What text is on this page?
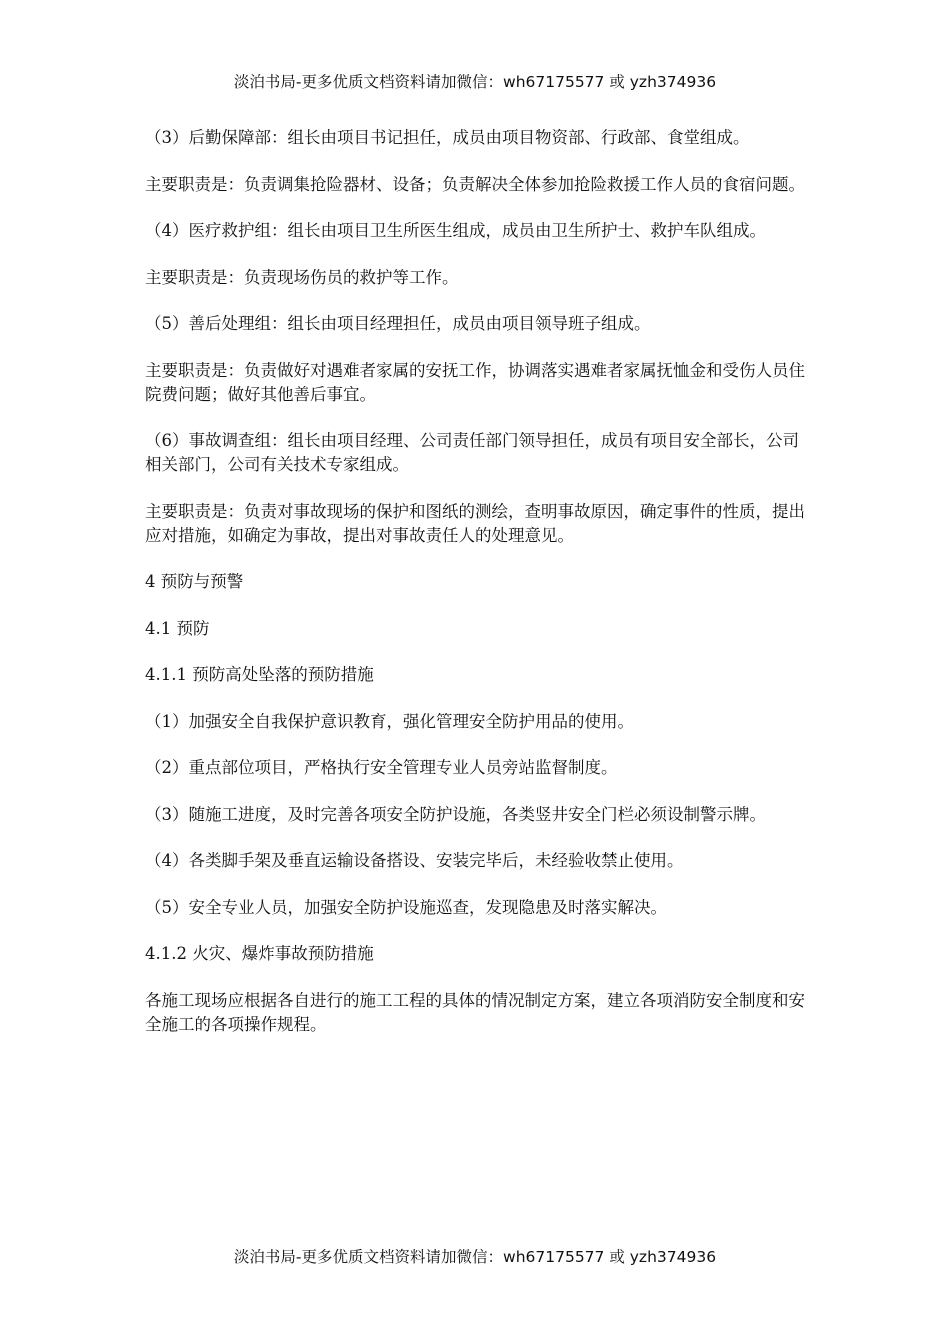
淡泊书局-更多优质文档资料请加微信：wh67175577 或 yzh374936

（3）后勤保障部：组长由项目书记担任，成员由项目物资部、行政部、食堂组成。

主要职责是：负责调集抢险器材、设备；负责解决全体参加抢险救援工作人员的食宿问题。

（4）医疗救护组：组长由项目卫生所医生组成，成员由卫生所护士、救护车队组成。

主要职责是：负责现场伤员的救护等工作。

（5）善后处理组：组长由项目经理担任，成员由项目领导班子组成。

主要职责是：负责做好对遇难者家属的安抚工作，协调落实遇难者家属抚恤金和受伤人员住院费问题；做好其他善后事宜。

（6）事故调查组：组长由项目经理、公司责任部门领导担任，成员有项目安全部长，公司相关部门，公司有关技术专家组成。

主要职责是：负责对事故现场的保护和图纸的测绘，查明事故原因，确定事件的性质，提出应对措施，如确定为事故，提出对事故责任人的处理意见。

4 预防与预警

4.1 预防

4.1.1 预防高处坠落的预防措施

（1）加强安全自我保护意识教育，强化管理安全防护用品的使用。

（2）重点部位项目，严格执行安全管理专业人员旁站监督制度。

（3）随施工进度，及时完善各项安全防护设施，各类竖井安全门栏必须设制警示牌。

（4）各类脚手架及垂直运输设备搭设、安装完毕后，未经验收禁止使用。

（5）安全专业人员，加强安全防护设施巡查，发现隐患及时落实解决。

4.1.2 火灾、爆炸事故预防措施

各施工现场应根据各自进行的施工工程的具体的情况制定方案，建立各项消防安全制度和安全施工的各项操作规程。

淡泊书局-更多优质文档资料请加微信：wh67175577 或 yzh374936
